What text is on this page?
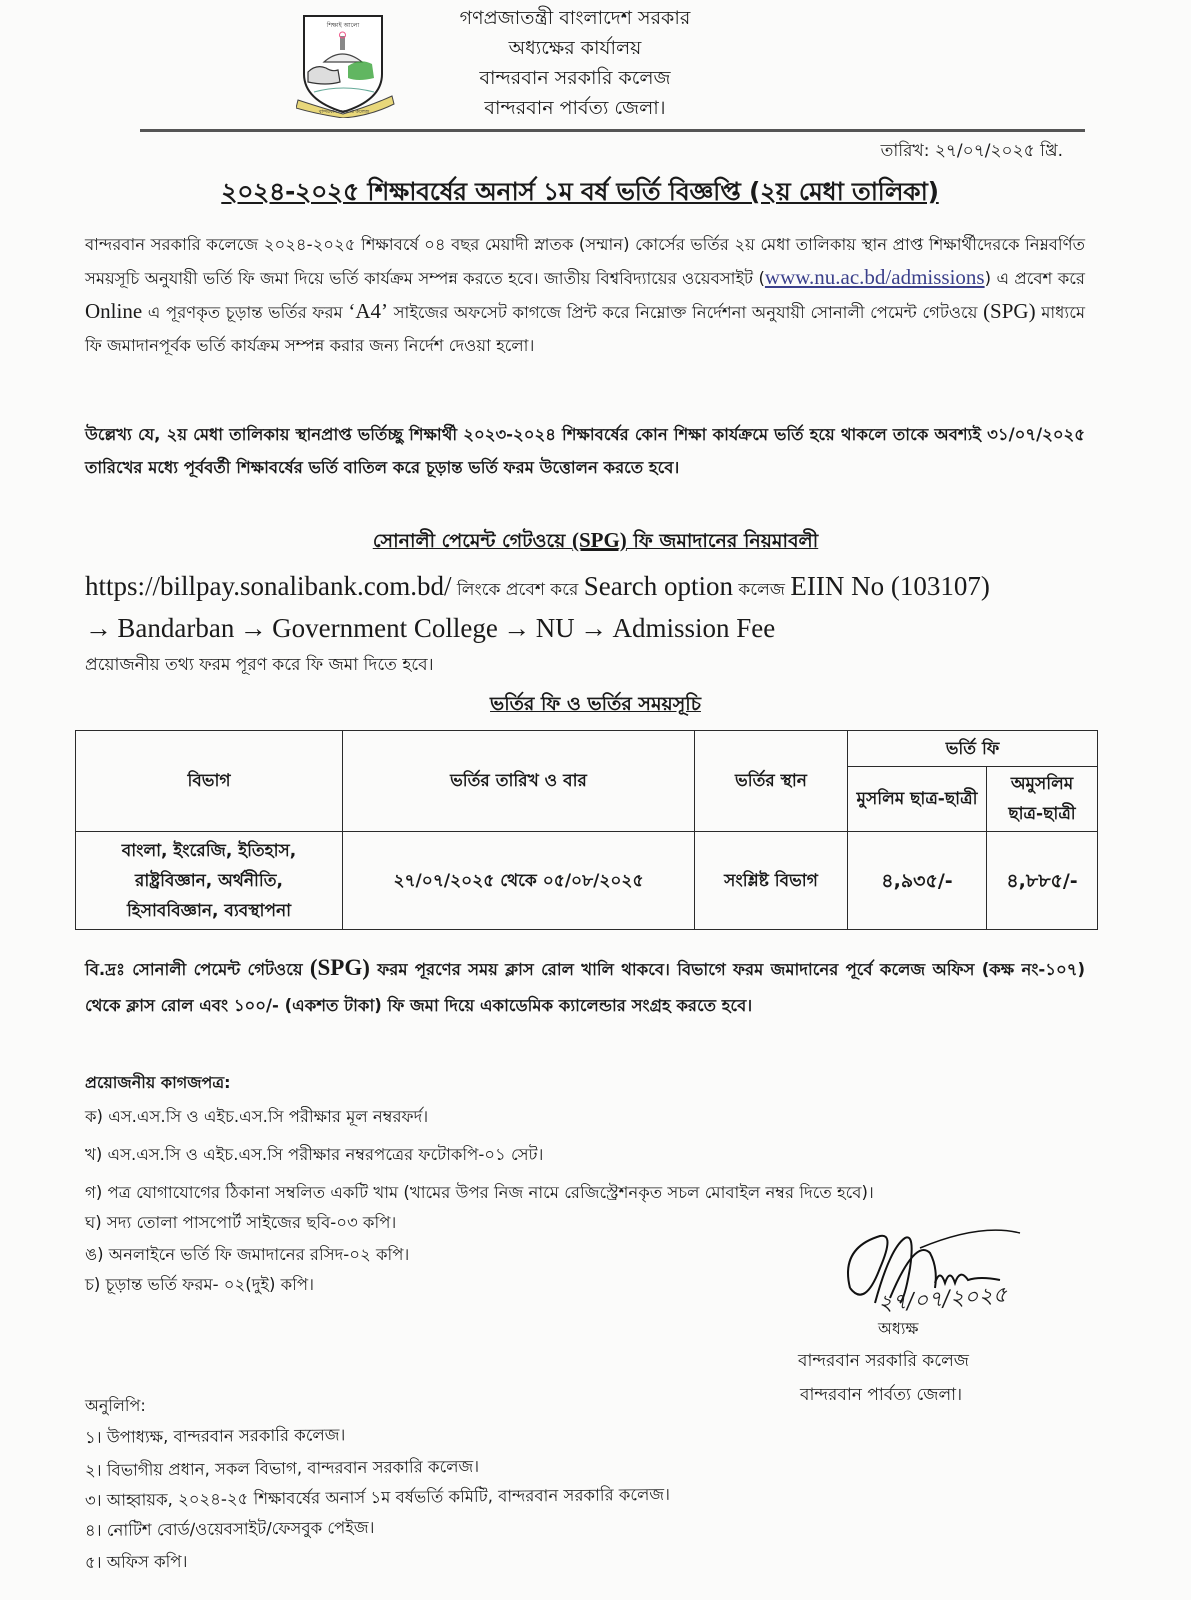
শিক্ষাই আলো
বান্দরবান সরকারি কলেজ
গণপ্রজাতন্ত্রী বাংলাদেশ সরকার
অধ্যক্ষের কার্যালয়
বান্দরবান সরকারি কলেজ
বান্দরবান পার্বত্য জেলা।
তারিখ: ২৭/০৭/২০২৫ খ্রি.
২০২৪-২০২৫ শিক্ষাবর্ষের অনার্স ১ম বর্ষ ভর্তি বিজ্ঞপ্তি (২য় মেধা তালিকা)
বান্দরবান সরকারি কলেজে ২০২৪-২০২৫ শিক্ষাবর্ষে ০৪ বছর মেয়াদী স্নাতক (সম্মান) কোর্সের ভর্তির ২য় মেধা তালিকায় স্থান প্রাপ্ত শিক্ষার্থীদেরকে নিম্নবর্ণিত সময়সূচি অনুযায়ী ভর্তি ফি জমা দিয়ে ভর্তি কার্যক্রম সম্পন্ন করতে হবে। জাতীয় বিশ্ববিদ্যায়ের ওয়েবসাইট (www.nu.ac.bd/admissions) এ প্রবেশ করে Online এ পূরণকৃত চূড়ান্ত ভর্তির ফরম ‘A4’ সাইজের অফসেট কাগজে প্রিন্ট করে নিম্নোক্ত নির্দেশনা অনুযায়ী সোনালী পেমেন্ট গেটওয়ে (SPG) মাধ্যমে ফি জমাদানপূর্বক ভর্তি কার্যক্রম সম্পন্ন করার জন্য নির্দেশ দেওয়া হলো।
উল্লেখ্য যে, ২য় মেধা তালিকায় স্থানপ্রাপ্ত ভর্তিচ্ছু শিক্ষার্থী ২০২৩-২০২৪ শিক্ষাবর্ষের কোন শিক্ষা কার্যক্রমে ভর্তি হয়ে থাকলে তাকে অবশ্যই ৩১/০৭/২০২৫ তারিখের মধ্যে পূর্ববর্তী শিক্ষাবর্ষের ভর্তি বাতিল করে চূড়ান্ত ভর্তি ফরম উত্তোলন করতে হবে।
সোনালী পেমেন্ট গেটওয়ে (SPG) ফি জমাদানের নিয়মাবলী
https://billpay.sonalibank.com.bd/ লিংকে প্রবেশ করে Search option কলেজ EIIN No (103107)
→ Bandarban → Government College → NU → Admission Fee
প্রয়োজনীয় তথ্য ফরম পূরণ করে ফি জমা দিতে হবে।
ভর্তির ফি ও ভর্তির সময়সূচি
বিভাগ	ভর্তির তারিখ ও বার	ভর্তির স্থান	ভর্তি ফি	
			মুসলিম ছাত্র-ছাত্রী	অমুসলিম ছাত্র-ছাত্রী

বাংলা, ইংরেজি, ইতিহাস,
রাষ্ট্রবিজ্ঞান, অর্থনীতি,
হিসাববিজ্ঞান, ব্যবস্থাপনা	২৭/০৭/২০২৫ থেকে ০৫/০৮/২০২৫	সংশ্লিষ্ট বিভাগ	৪,৯৩৫/-	৪,৮৮৫/-
বি.দ্রঃ সোনালী পেমেন্ট গেটওয়ে (SPG) ফরম পূরণের সময় ক্লাস রোল খালি থাকবে। বিভাগে ফরম জমাদানের পূর্বে কলেজ অফিস (কক্ষ নং-১০৭) থেকে ক্লাস রোল এবং ১০০/- (একশত টাকা) ফি জমা দিয়ে একাডেমিক ক্যালেন্ডার সংগ্রহ করতে হবে।
প্রয়োজনীয় কাগজপত্র:
ক) এস.এস.সি ও এইচ.এস.সি পরীক্ষার মূল নম্বরফর্দ।
খ) এস.এস.সি ও এইচ.এস.সি পরীক্ষার নম্বরপত্রের ফটোকপি-০১ সেট।
গ) পত্র যোগাযোগের ঠিকানা সম্বলিত একটি খাম (খামের উপর নিজ নামে রেজিস্ট্রেশনকৃত সচল মোবাইল নম্বর দিতে হবে)।
ঘ) সদ্য তোলা পাসপোর্ট সাইজের ছবি-০৩ কপি।
ঙ) অনলাইনে ভর্তি ফি জমাদানের রসিদ-০২ কপি।
চ) চূড়ান্ত ভর্তি ফরম- ০২(দুই) কপি।	২৭/০৭/২০২৫
অধ্যক্ষ
বান্দরবান সরকারি কলেজ
বান্দরবান পার্বত্য জেলা।
অনুলিপি:
১। উপাধ্যক্ষ, বান্দরবান সরকারি কলেজ।
২। বিভাগীয় প্রধান, সকল বিভাগ, বান্দরবান সরকারি কলেজ।
৩। আহ্বায়ক, ২০২৪-২৫ শিক্ষাবর্ষের অনার্স ১ম বর্ষভর্তি কমিটি, বান্দরবান সরকারি কলেজ।
৪। নোটিশ বোর্ড/ওয়েবসাইট/ফেসবুক পেইজ।
৫। অফিস কপি।
